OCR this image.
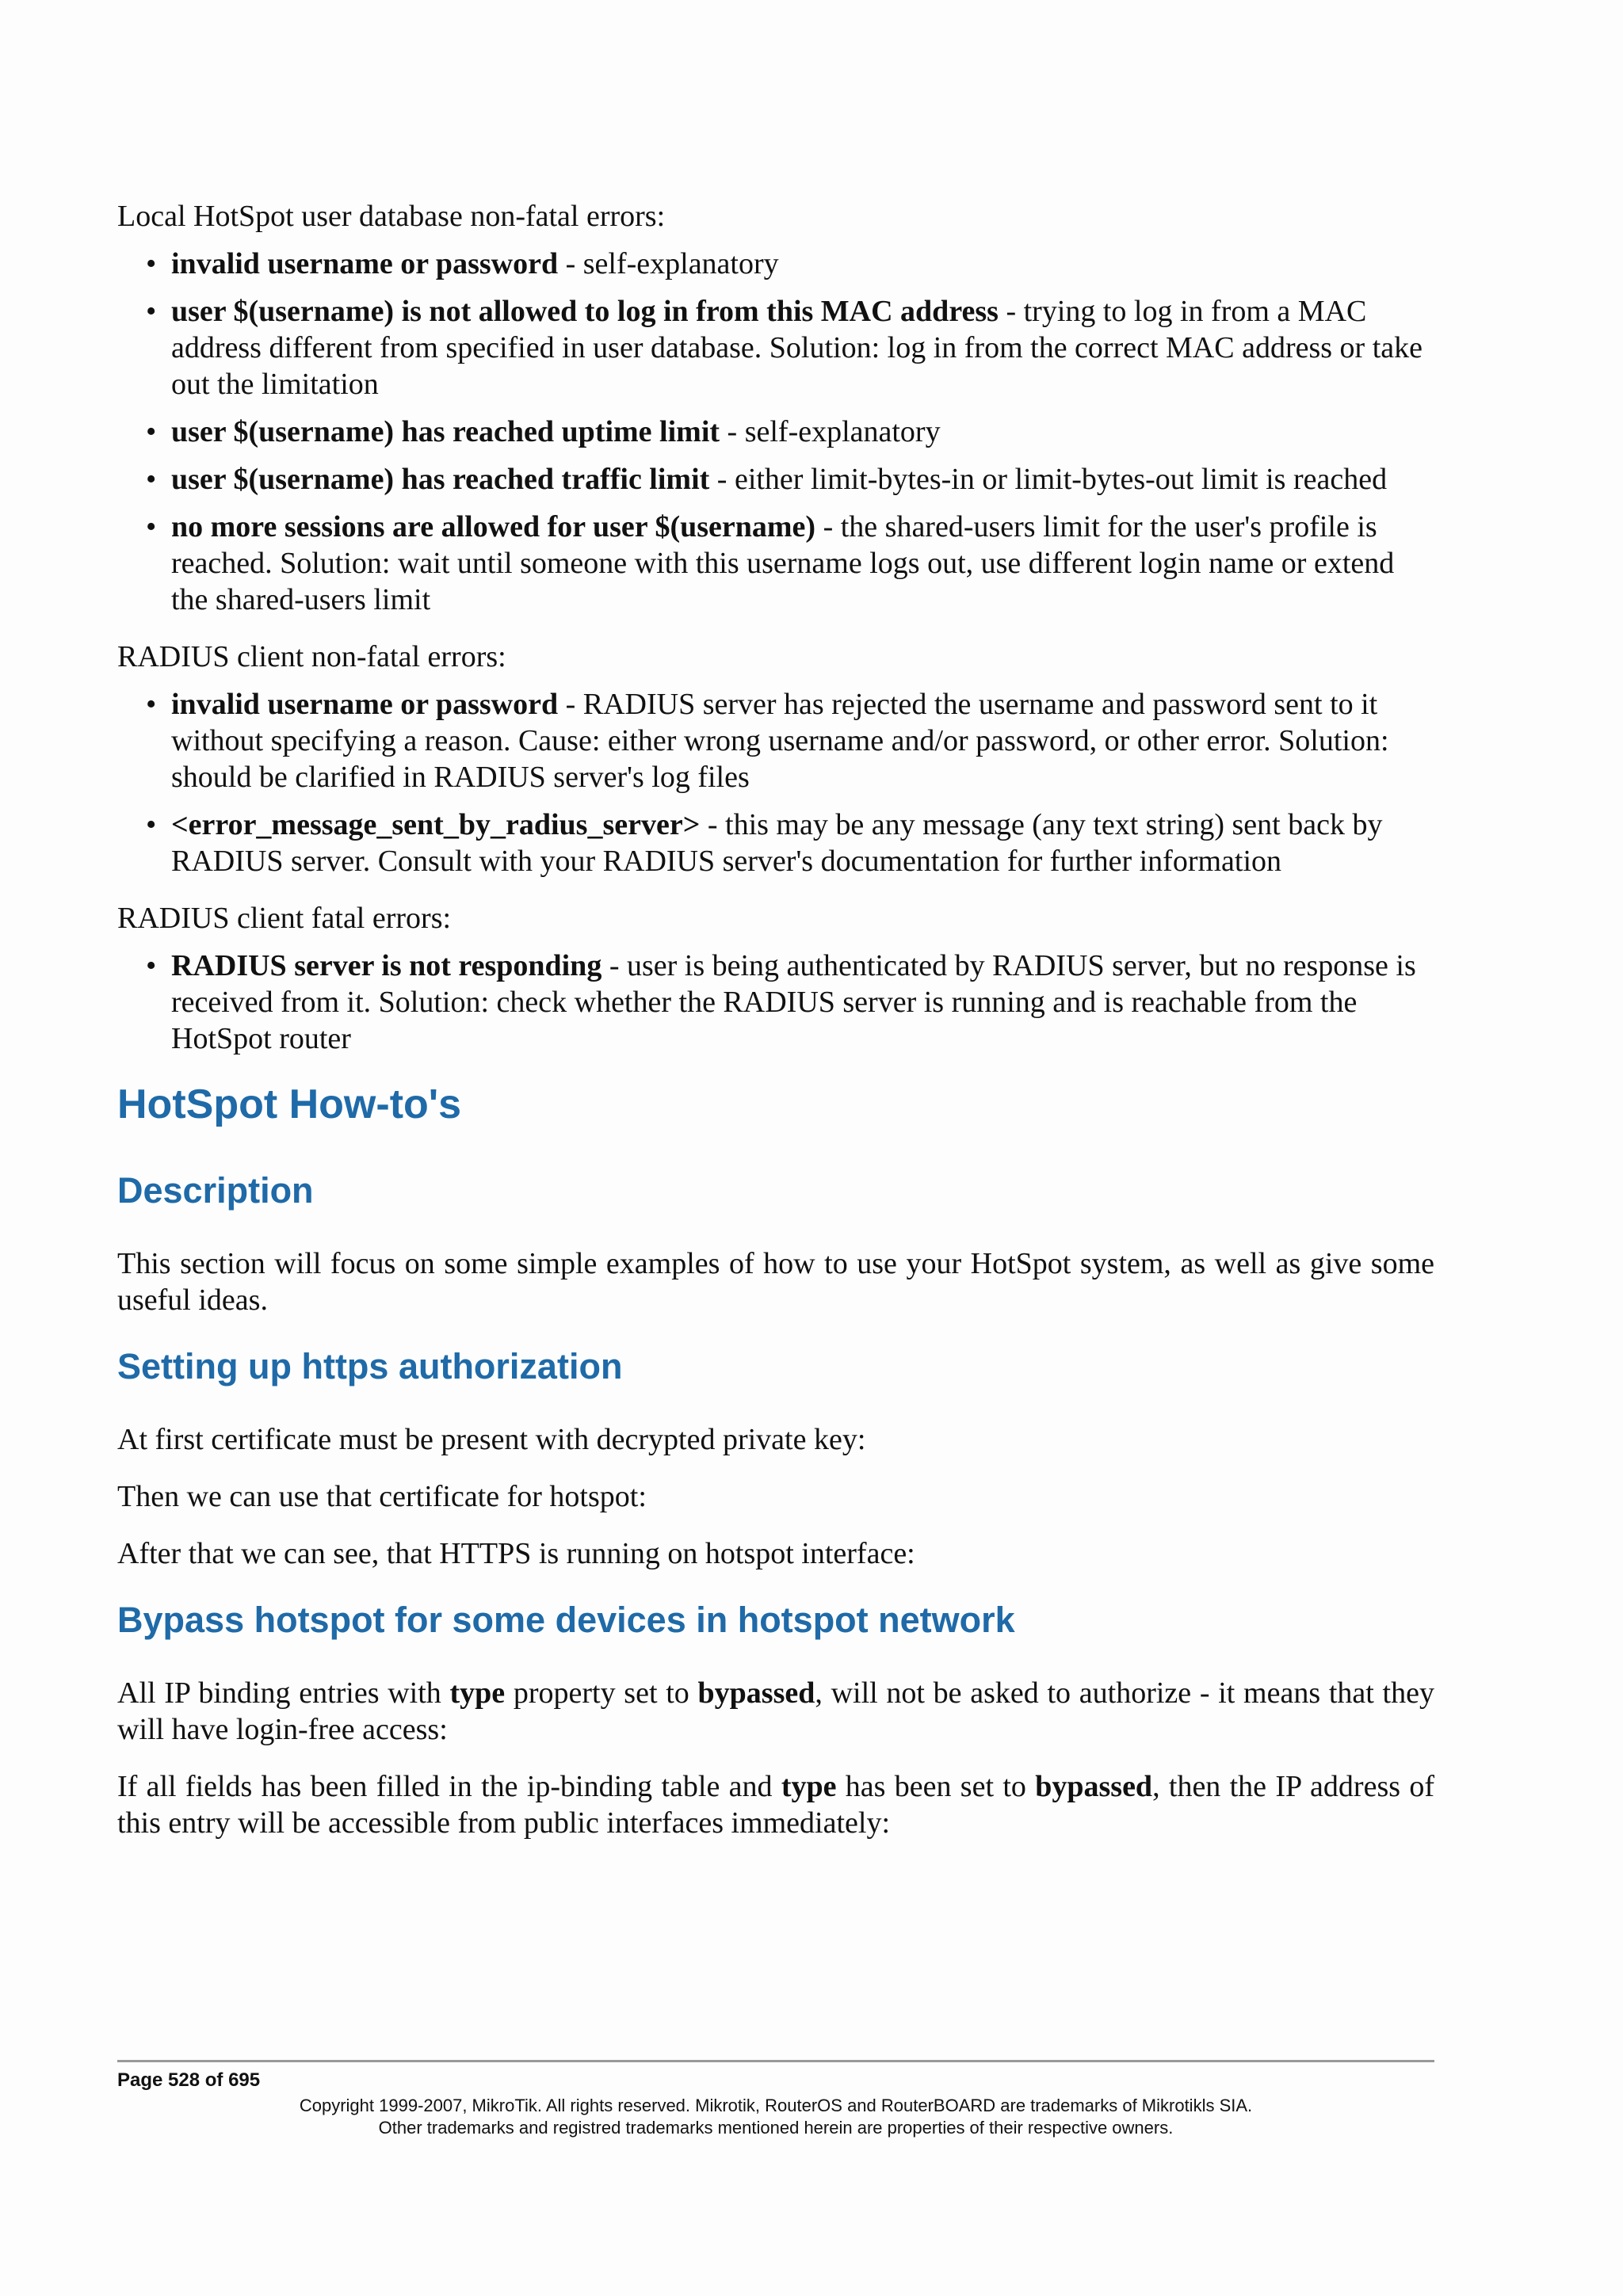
Local HotSpot user database non-fatal errors:

• invalid username or password - self-explanatory
• user $(username) is not allowed to log in from this MAC address - trying to log in from a MAC address different from specified in user database. Solution: log in from the correct MAC address or take out the limitation
• user $(username) has reached uptime limit - self-explanatory
• user $(username) has reached traffic limit - either limit-bytes-in or limit-bytes-out limit is reached
• no more sessions are allowed for user $(username) - the shared-users limit for the user's profile is reached. Solution: wait until someone with this username logs out, use different login name or extend the shared-users limit

RADIUS client non-fatal errors:

• invalid username or password - RADIUS server has rejected the username and password sent to it without specifying a reason. Cause: either wrong username and/or password, or other error. Solution: should be clarified in RADIUS server's log files
• <error_message_sent_by_radius_server> - this may be any message (any text string) sent back by RADIUS server. Consult with your RADIUS server's documentation for further information

RADIUS client fatal errors:

• RADIUS server is not responding - user is being authenticated by RADIUS server, but no response is received from it. Solution: check whether the RADIUS server is running and is reachable from the HotSpot router
HotSpot How-to's
Description

This section will focus on some simple examples of how to use your HotSpot system, as well as give some useful ideas.

Setting up https authorization

At first certificate must be present with decrypted private key:

Then we can use that certificate for hotspot:

After that we can see, that HTTPS is running on hotspot interface:

Bypass hotspot for some devices in hotspot network

All IP binding entries with type property set to bypassed, will not be asked to authorize - it means that they will have login-free access:

If all fields has been filled in the ip-binding table and type has been set to bypassed, then the IP address of this entry will be accessible from public interfaces immediately:

Page 528 of 695
Copyright 1999-2007, MikroTik. All rights reserved. Mikrotik, RouterOS and RouterBOARD are trademarks of Mikrotikls SIA.
Other trademarks and registred trademarks mentioned herein are properties of their respective owners.
